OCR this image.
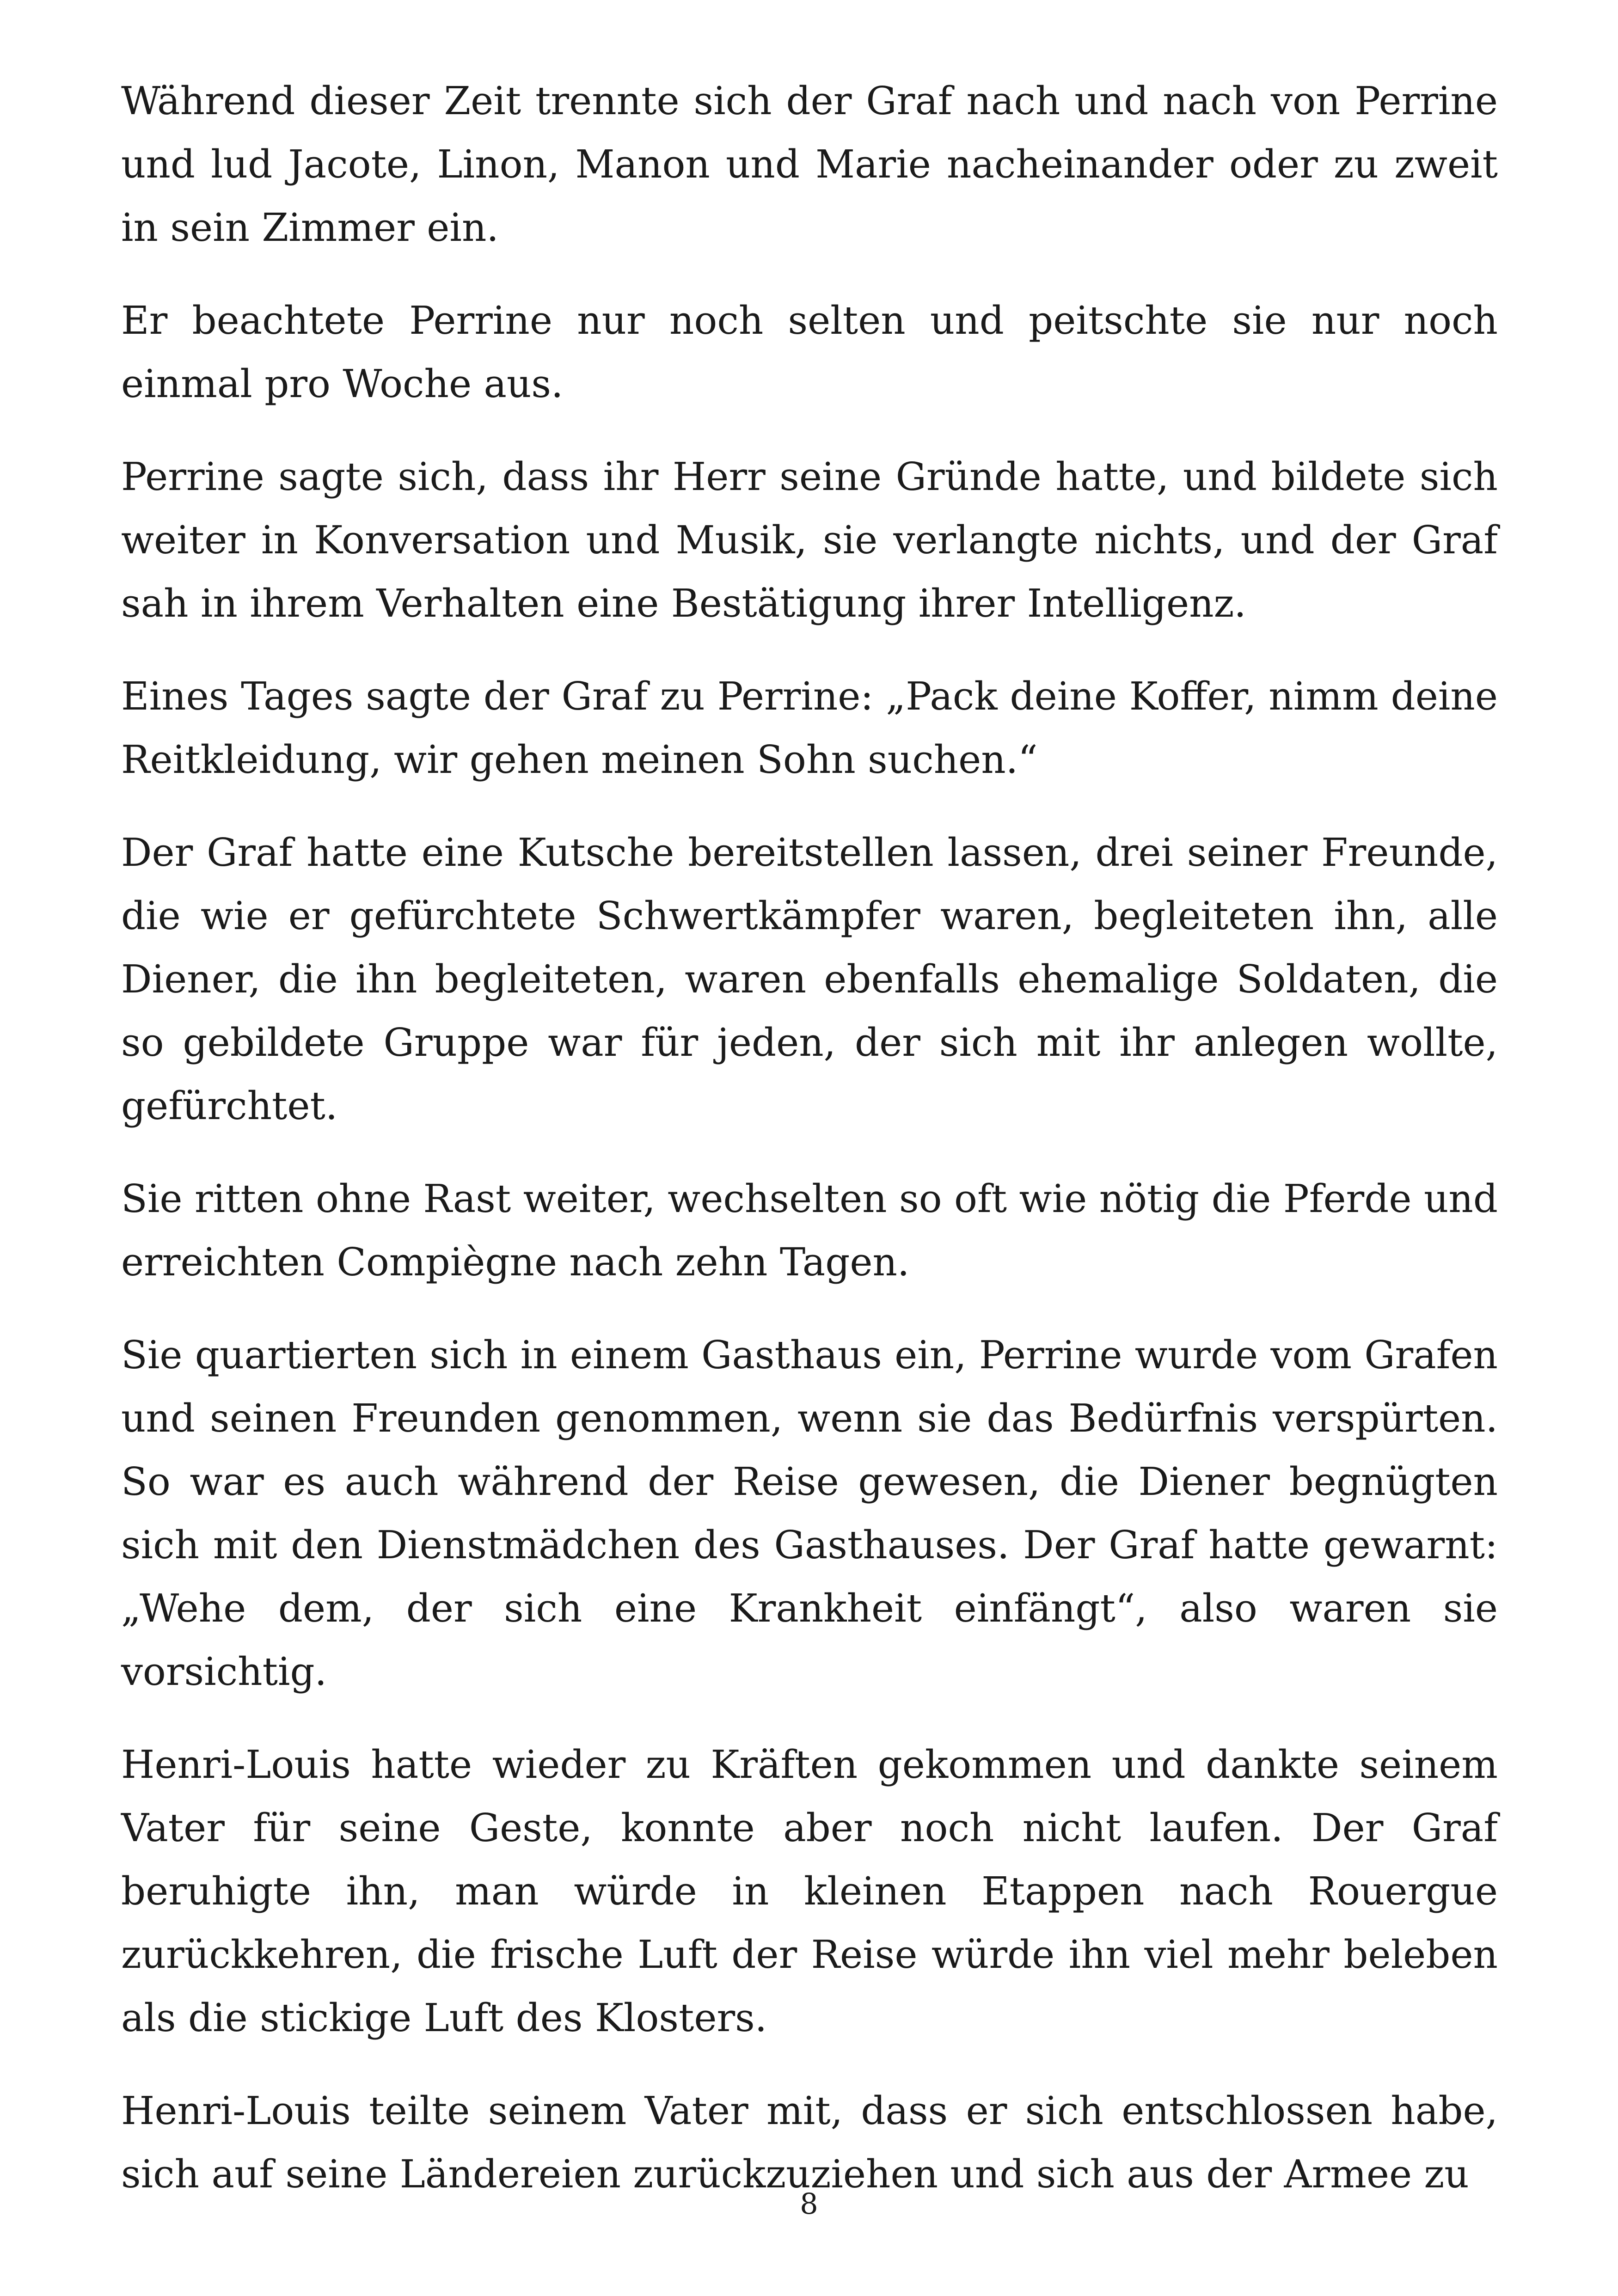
Während dieser Zeit trennte sich der Graf nach und nach von Perrine und lud Jacote, Linon, Manon und Marie nacheinander oder zu zweit in sein Zimmer ein.

Er beachtete Perrine nur noch selten und peitschte sie nur noch einmal pro Woche aus.

Perrine sagte sich, dass ihr Herr seine Gründe hatte, und bildete sich weiter in Konversation und Musik, sie verlangte nichts, und der Graf sah in ihrem Verhalten eine Bestätigung ihrer Intelligenz.

Eines Tages sagte der Graf zu Perrine: „Pack deine Koffer, nimm deine Reitkleidung, wir gehen meinen Sohn suchen.“

Der Graf hatte eine Kutsche bereitstellen lassen, drei seiner Freunde, die wie er gefürchtete Schwertkämpfer waren, begleiteten ihn, alle Diener, die ihn begleiteten, waren ebenfalls ehemalige Soldaten, die so gebildete Gruppe war für jeden, der sich mit ihr anlegen wollte, gefürchtet.

Sie ritten ohne Rast weiter, wechselten so oft wie nötig die Pferde und erreichten Compiègne nach zehn Tagen.

Sie quartierten sich in einem Gasthaus ein, Perrine wurde vom Grafen und seinen Freunden genommen, wenn sie das Bedürfnis verspürten. So war es auch während der Reise gewesen, die Diener begnügten sich mit den Dienstmädchen des Gasthauses. Der Graf hatte gewarnt: „Wehe dem, der sich eine Krankheit einfängt“, also waren sie vorsichtig.

Henri-Louis hatte wieder zu Kräften gekommen und dankte seinem Vater für seine Geste, konnte aber noch nicht laufen. Der Graf beruhigte ihn, man würde in kleinen Etappen nach Rouergue zurückkehren, die frische Luft der Reise würde ihn viel mehr beleben als die stickige Luft des Klosters.

Henri-Louis teilte seinem Vater mit, dass er sich entschlossen habe, sich auf seine Ländereien zurückzuziehen und sich aus der Armee zu

8
